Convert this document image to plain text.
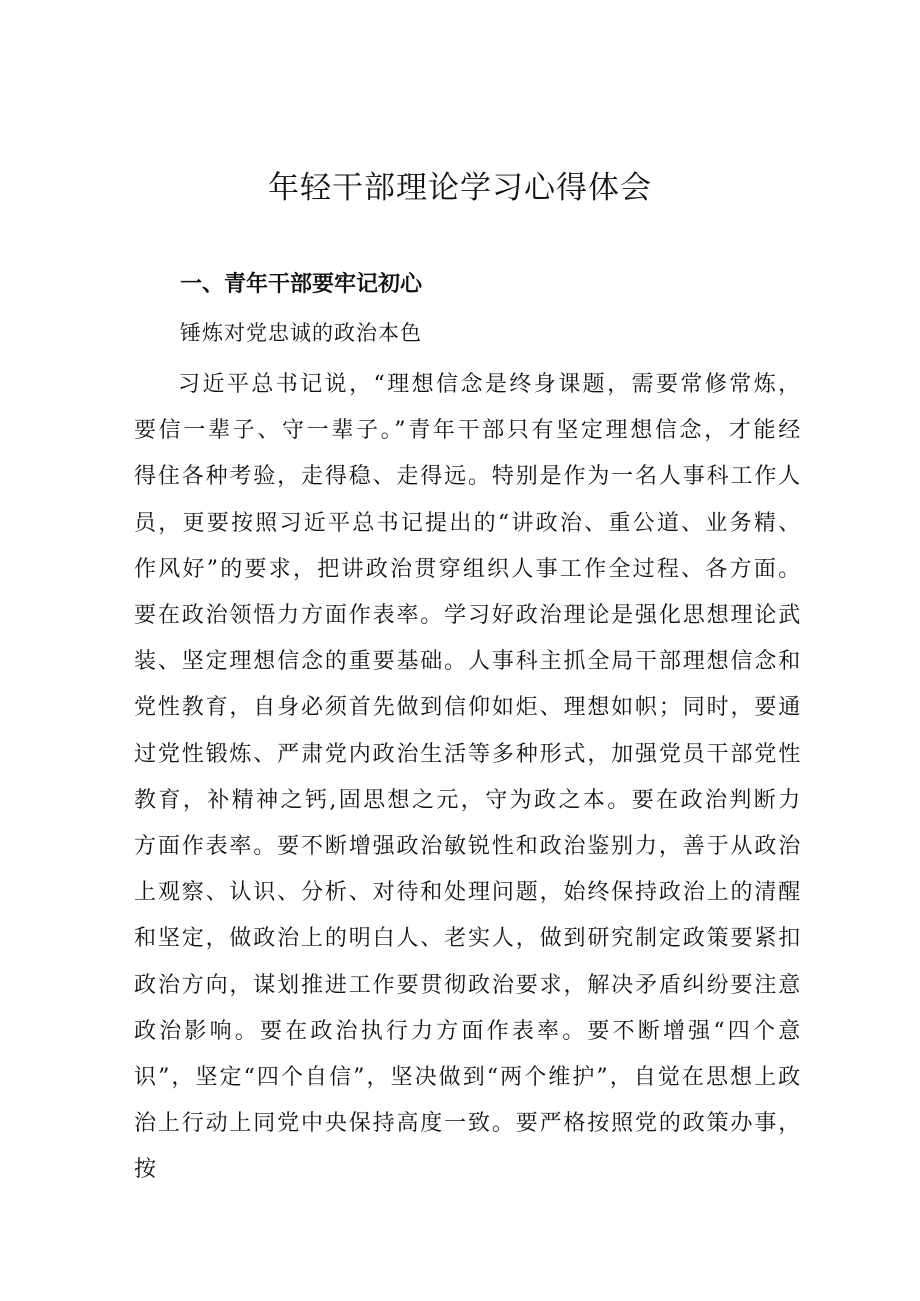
年轻干部理论学习心得体会
一、青年干部要牢记初心
锤炼对党忠诚的政治本色

习近平总书记说，“理想信念是终身课题，需要常修常炼，要信一辈子、守一辈子。”青年干部只有坚定理想信念，才能经得住各种考验，走得稳、走得远。特别是作为一名人事科工作人员，更要按照习近平总书记提出的“讲政治、重公道、业务精、作风好”的要求，把讲政治贯穿组织人事工作全过程、各方面。要在政治领悟力方面作表率。学习好政治理论是强化思想理论武装、坚定理想信念的重要基础。人事科主抓全局干部理想信念和党性教育，自身必须首先做到信仰如炬、理想如帜；同时，要通过党性锻炼、严肃党内政治生活等多种形式，加强党员干部党性教育，补精神之钙,固思想之元，守为政之本。要在政治判断力方面作表率。要不断增强政治敏锐性和政治鉴别力，善于从政治上观察、认识、分析、对待和处理问题，始终保持政治上的清醒和坚定，做政治上的明白人、老实人，做到研究制定政策要紧扣政治方向，谋划推进工作要贯彻政治要求，解决矛盾纠纷要注意政治影响。要在政治执行力方面作表率。要不断增强“四个意识”，坚定“四个自信”，坚决做到“两个维护”，自觉在思想上政治上行动上同党中央保持高度一致。要严格按照党的政策办事，按
